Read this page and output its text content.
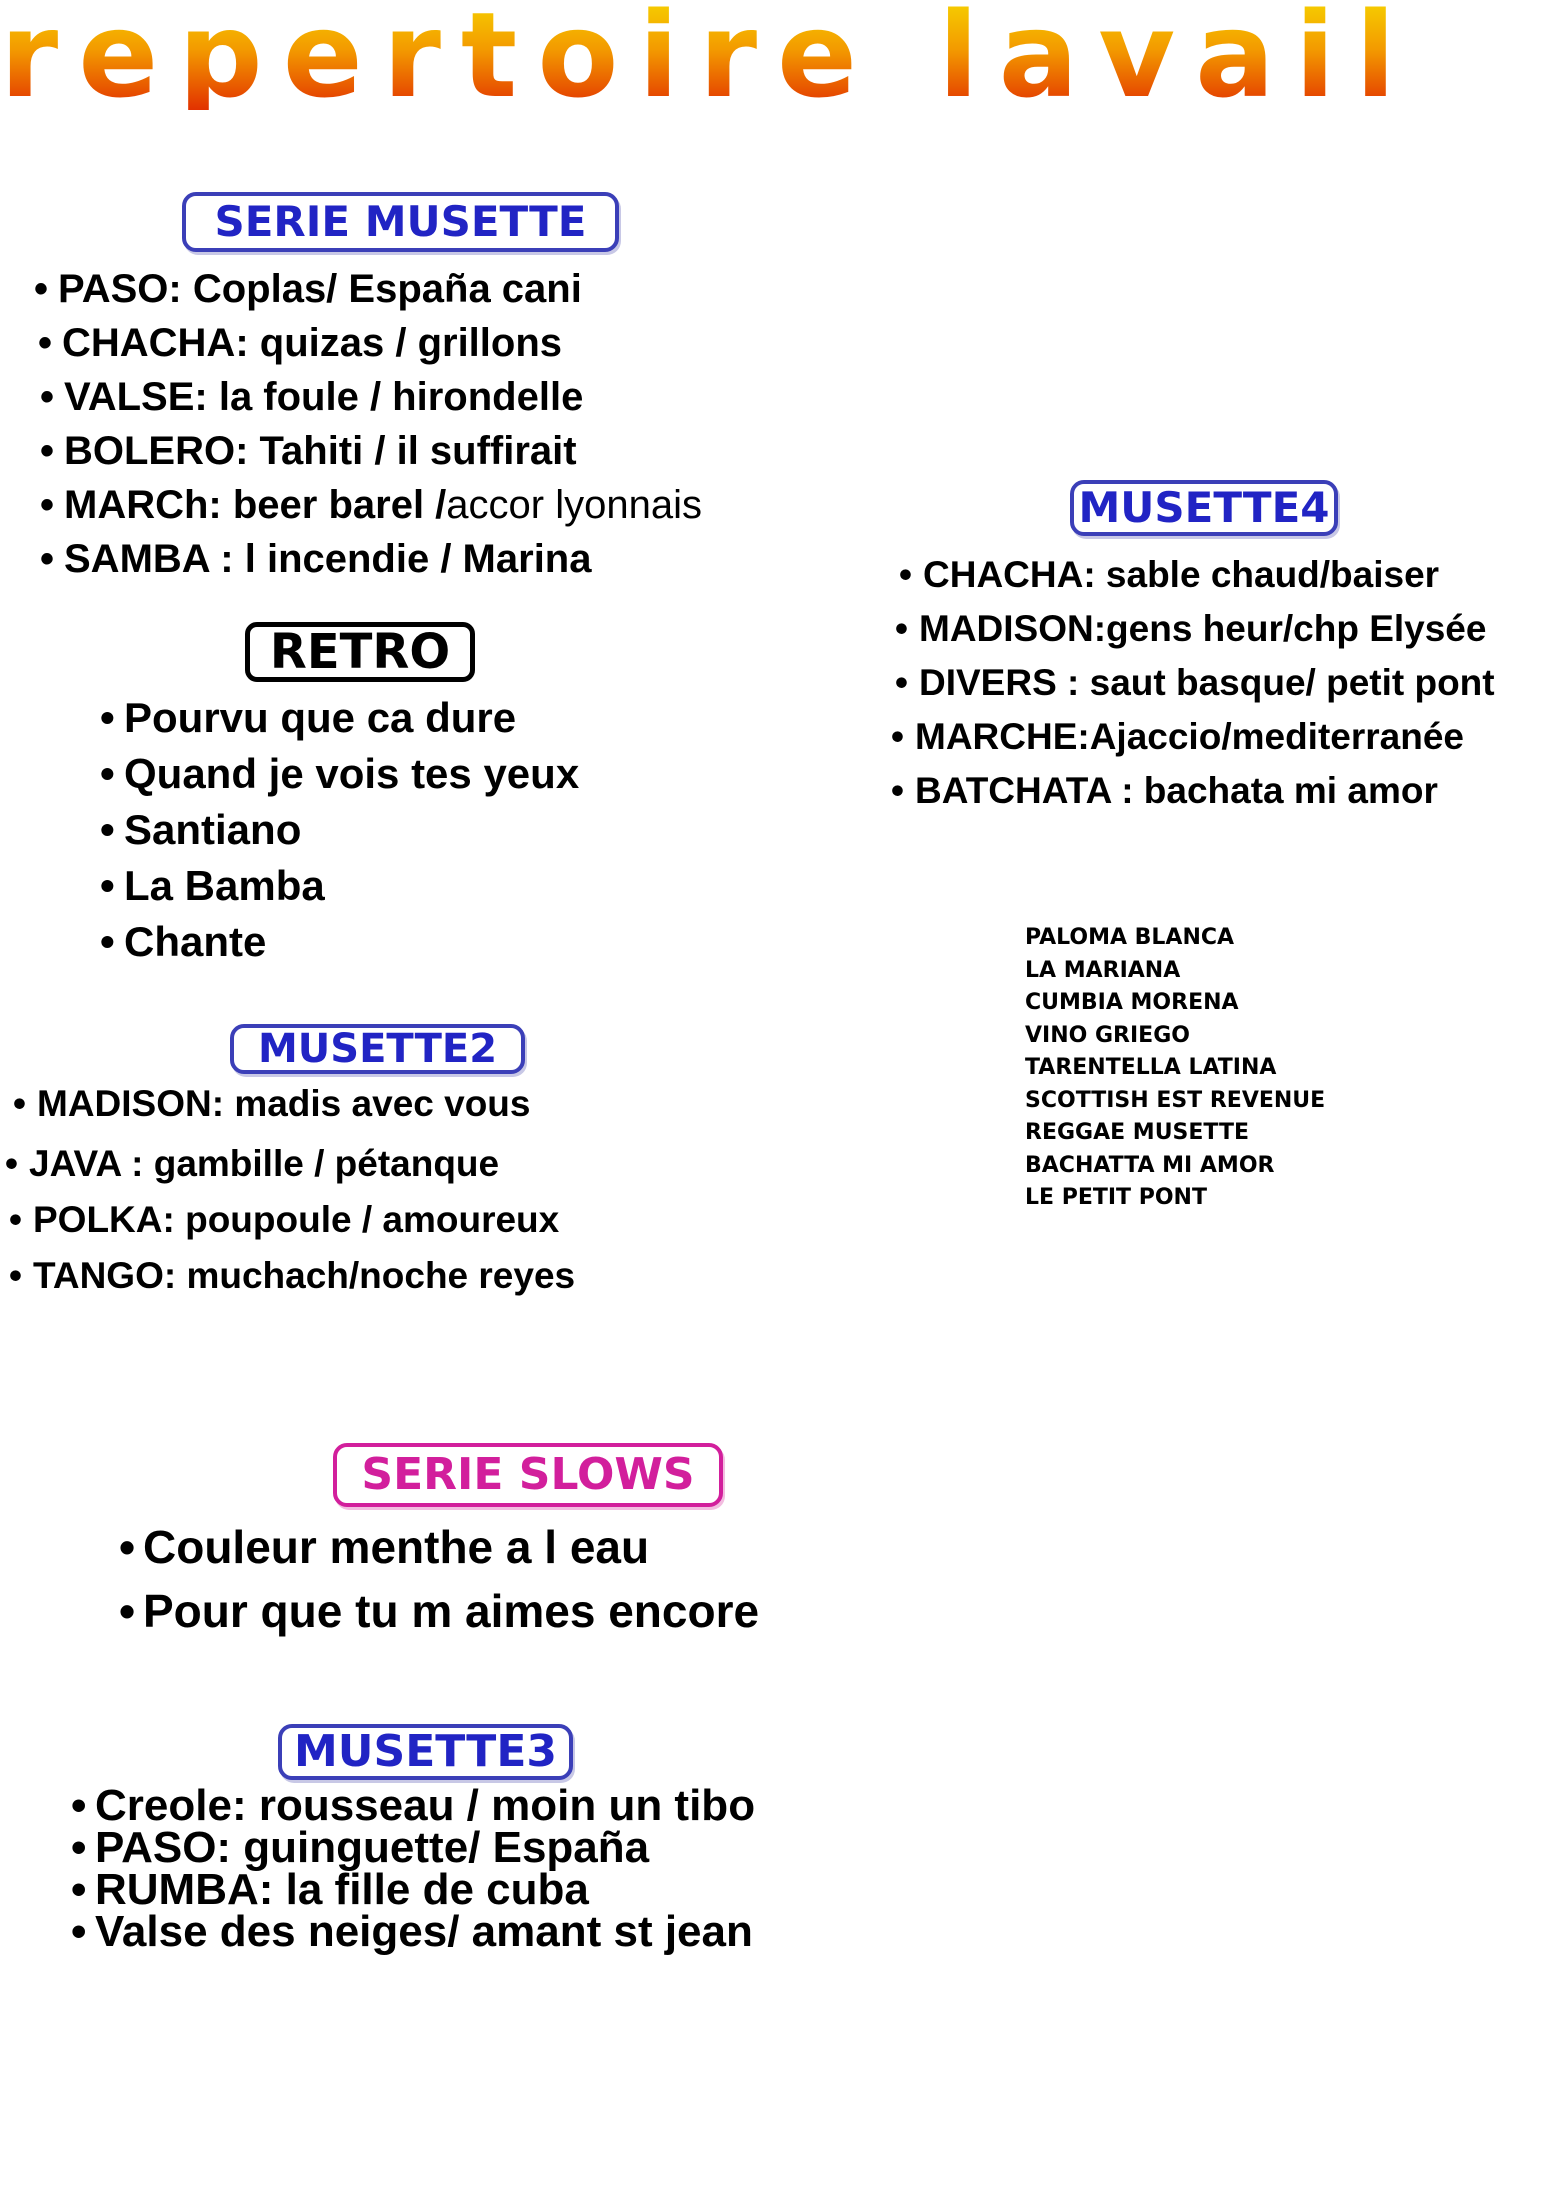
repertoire lavail
SERIE MUSETTE
• PASO: Coplas/ España cani
• CHACHA: quizas / grillons
• VALSE: la foule / hirondelle
• BOLERO: Tahiti / il suffirait
• MARCh: beer barel /accor lyonnais
• SAMBA : l incendie / Marina
RETRO
• Pourvu que ca dure
• Quand je vois tes yeux
• Santiano
• La Bamba
• Chante
MUSETTE2
• MADISON: madis avec vous
• JAVA : gambille / pétanque
• POLKA: poupoule / amoureux
• TANGO: muchach/noche reyes
SERIE SLOWS
• Couleur menthe a l eau
• Pour que tu m aimes encore
MUSETTE3
• Creole: rousseau / moin un tibo
• PASO: guinguette/ España
• RUMBA: la fille de cuba
• Valse des neiges/ amant st jean
MUSETTE4
• CHACHA: sable chaud/baiser
• MADISON:gens heur/chp Elysée
• DIVERS : saut basque/ petit pont
• MARCHE:Ajaccio/mediterranée
• BATCHATA : bachata mi amor
PALOMA BLANCA
LA MARIANA
CUMBIA MORENA
VINO GRIEGO
TARENTELLA LATINA
SCOTTISH EST REVENUE
REGGAE MUSETTE
BACHATTA MI AMOR
LE PETIT PONT
